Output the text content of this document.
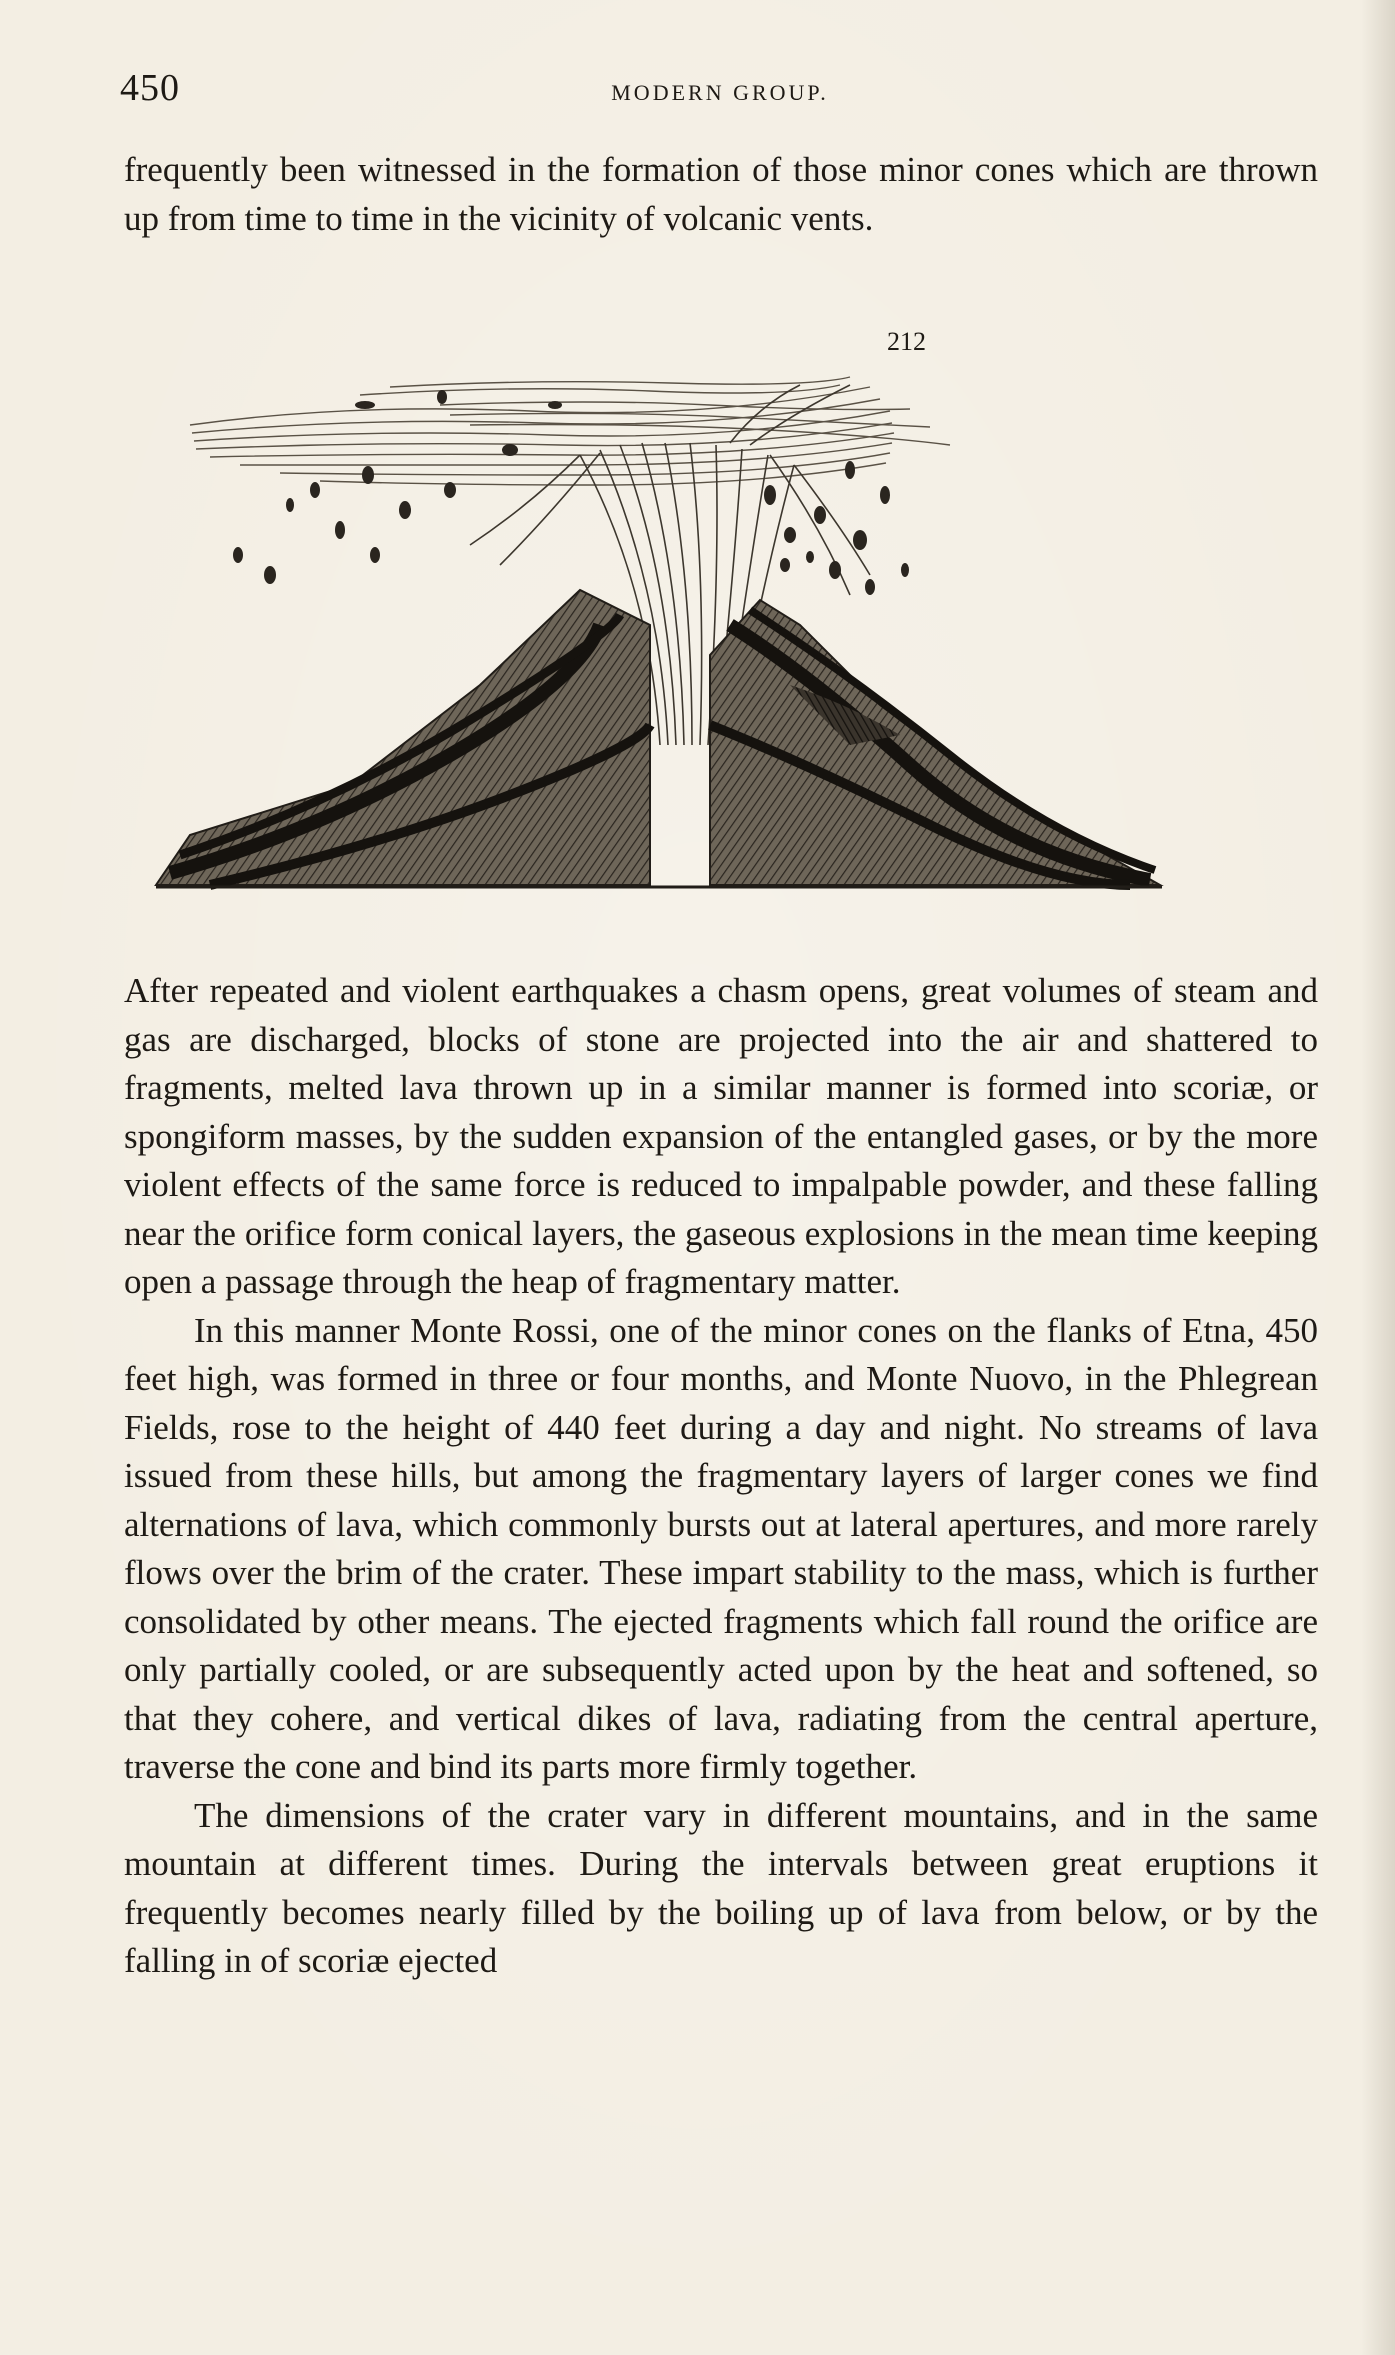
450	MODERN GROUP.

frequently been witnessed in the formation of those minor cones which are thrown up from time to time in the vicinity of volcanic vents.

212

After repeated and violent earthquakes a chasm opens, great volumes of steam and gas are discharged, blocks of stone are projected into the air and shattered to fragments, melted lava thrown up in a similar manner is formed into scoriæ, or spongiform masses, by the sudden expansion of the entangled gases, or by the more violent effects of the same force is reduced to impalpable powder, and these falling near the orifice form conical layers, the gaseous explosions in the mean time keeping open a passage through the heap of fragmentary matter.

In this manner Monte Rossi, one of the minor cones on the flanks of Etna, 450 feet high, was formed in three or four months, and Monte Nuovo, in the Phlegrean Fields, rose to the height of 440 feet during a day and night. No streams of lava issued from these hills, but among the fragmentary layers of larger cones we find alternations of lava, which commonly bursts out at lateral apertures, and more rarely flows over the brim of the crater. These impart stability to the mass, which is further consolidated by other means. The ejected fragments which fall round the orifice are only partially cooled, or are subsequently acted upon by the heat and softened, so that they cohere, and vertical dikes of lava, radiating from the central aperture, traverse the cone and bind its parts more firmly together.

The dimensions of the crater vary in different mountains, and in the same mountain at different times. During the intervals between great eruptions it frequently becomes nearly filled by the boiling up of lava from below, or by the falling in of scoriæ ejected
